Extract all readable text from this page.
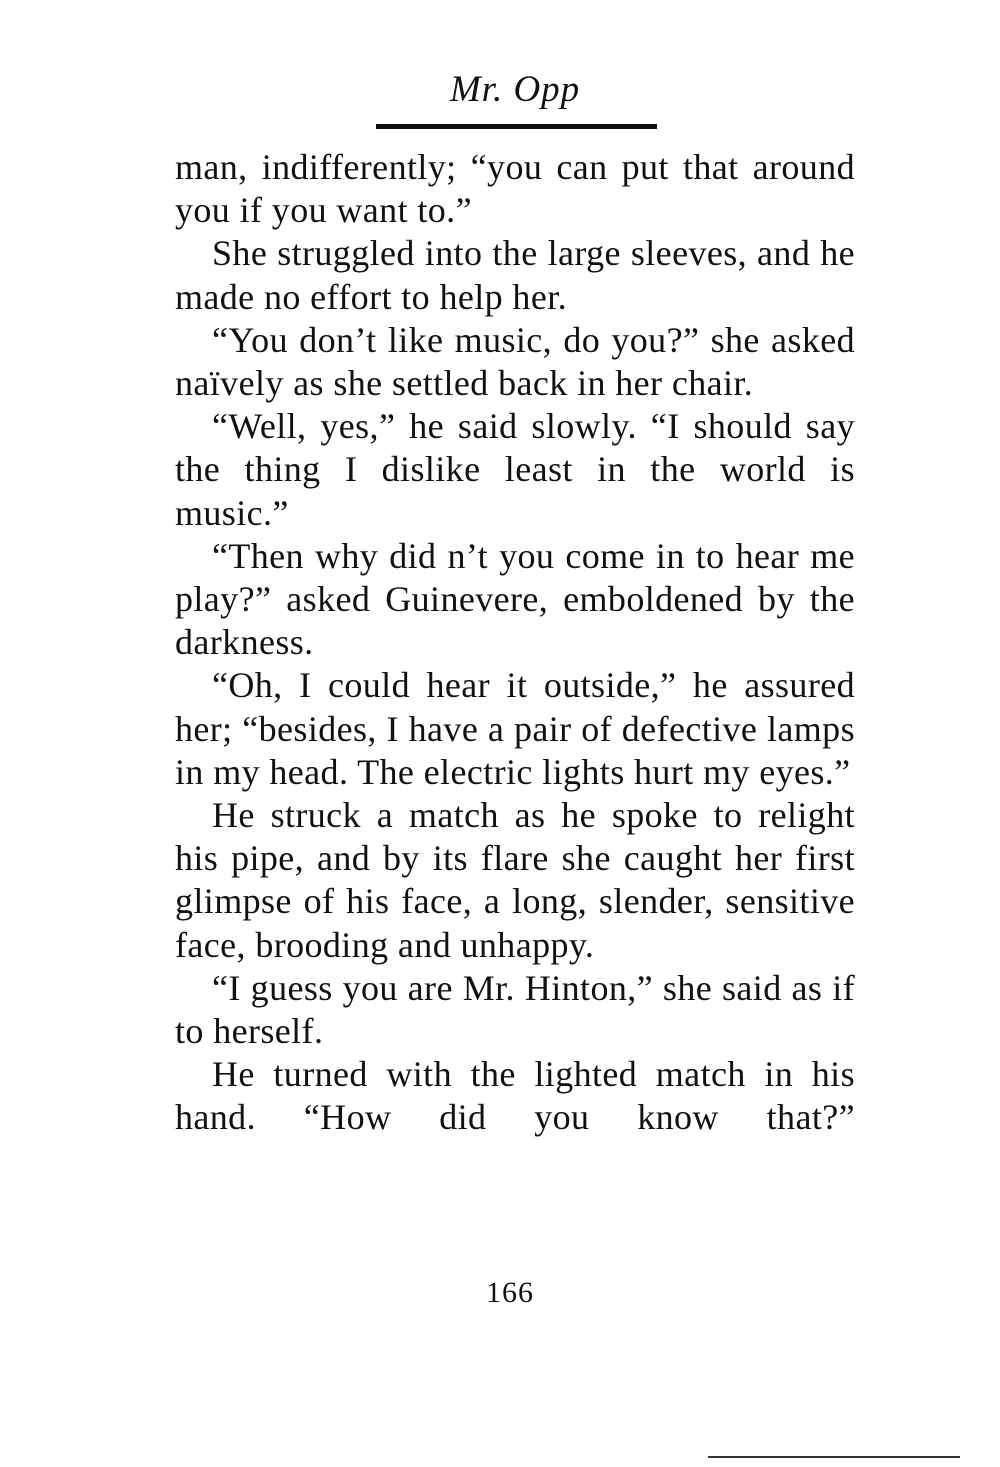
Mr. Opp

man, indifferently; “you can put that around you if you want to.”

She struggled into the large sleeves, and he made no effort to help her.

“You don’t like music, do you?” she asked naïvely as she settled back in her chair.

“Well, yes,” he said slowly. “I should say the thing I dislike least in the world is music.”

“Then why did n’t you come in to hear me play?” asked Guinevere, emboldened by the darkness.

“Oh, I could hear it outside,” he assured her; “besides, I have a pair of defective lamps in my head. The electric lights hurt my eyes.”

He struck a match as he spoke to relight his pipe, and by its flare she caught her first glimpse of his face, a long, slender, sensitive face, brooding and unhappy.

“I guess you are Mr. Hinton,” she said as if to herself.

He turned with the lighted match in his hand. “How did you know that?”

166
